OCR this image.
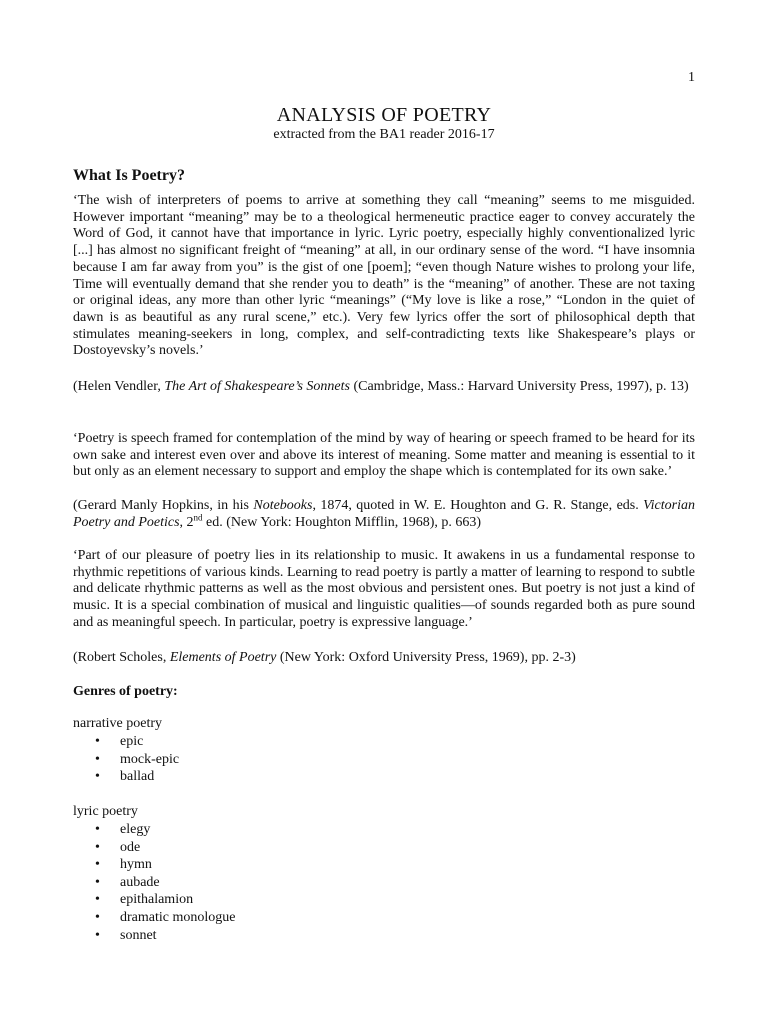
1
ANALYSIS OF POETRY
extracted from the BA1 reader 2016-17
What Is Poetry?

‘The wish of interpreters of poems to arrive at something they call “meaning” seems to me misguided. However important “meaning” may be to a theological hermeneutic practice eager to convey accurately the Word of God, it cannot have that importance in lyric. Lyric poetry, especially highly conventionalized lyric [...] has almost no significant freight of “meaning” at all, in our ordinary sense of the word. “I have insomnia because I am far away from you” is the gist of one [poem]; “even though Nature wishes to prolong your life, Time will eventually demand that she render you to death” is the “meaning” of another. These are not taxing or original ideas, any more than other lyric “meanings” (“My love is like a rose,” “London in the quiet of dawn is as beautiful as any rural scene,” etc.). Very few lyrics offer the sort of philosophical depth that stimulates meaning-seekers in long, complex, and self-contradicting texts like Shakespeare’s plays or Dostoyevsky’s novels.’

(Helen Vendler, The Art of Shakespeare’s Sonnets (Cambridge, Mass.: Harvard University Press, 1997), p. 13)

‘Poetry is speech framed for contemplation of the mind by way of hearing or speech framed to be heard for its own sake and interest even over and above its interest of meaning. Some matter and meaning is essential to it but only as an element necessary to support and employ the shape which is contemplated for its own sake.’

(Gerard Manly Hopkins, in his Notebooks, 1874, quoted in W. E. Houghton and G. R. Stange, eds. Victorian Poetry and Poetics, 2nd ed. (New York: Houghton Mifflin, 1968), p. 663)

‘Part of our pleasure of poetry lies in its relationship to music. It awakens in us a fundamental response to rhythmic repetitions of various kinds. Learning to read poetry is partly a matter of learning to respond to subtle and delicate rhythmic patterns as well as the most obvious and persistent ones. But poetry is not just a kind of music. It is a special combination of musical and linguistic qualities—of sounds regarded both as pure sound and as meaningful speech. In particular, poetry is expressive language.’

(Robert Scholes, Elements of Poetry (New York: Oxford University Press, 1969), pp. 2-3)

Genres of poetry:
narrative poetry
• epic
• mock-epic
• ballad
lyric poetry
• elegy
• ode
• hymn
• aubade
• epithalamion
• dramatic monologue
• sonnet
